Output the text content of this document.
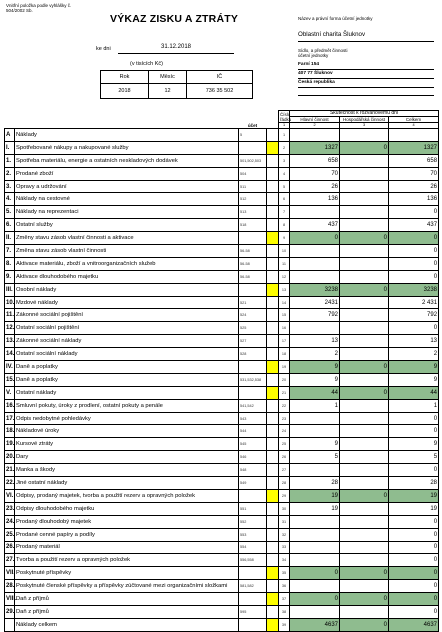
Vnitřní položka podle vyhlášky č.
504/2002 Sb.
VÝKAZ ZISKU A ZTRÁTY
ke dni	31.12.2018
(v tisících Kč)
Rok	Měsíc	IČ
2018	12	736 35 502
Název a právní forma účetní jednotky
Oblastní charita Šluknov
Sídlo, a předmět činnosti
účetní jednotky
Farní 154
407 77 Šluknov
Česká republika
		účet		Číslo řádku	Skutečnost k rozvahovému dni		
					Hlavní činnost	Hospodářská činnost	Celkem
				1	2	3	4
A	Náklady	5		1			
I.	Spotřebované nákupy a nakupované služby			2	1327	0	1327
1.	Spotřeba materiálu, energie a ostatních neskladových dodávek	501,502,503		3	658		658
2.	Prodané zboží	504		4	70		70
3.	Opravy a udržování	511		5	26		26
4.	Náklady na cestovné	512		6	136		136
5.	Náklady na reprezentaci	513		7			0
6.	Ostatní služby	518		8	437		437
II.	Změny stavu zásob vlastní činnosti a aktivace			9	0	0	0
7.	Změna stavu zásob vlastní činnosti	56-58		10			0
8.	Aktivace materiálu, zboží a vnitroorganizačních služeb	56-58		11			0
9.	Aktivace dlouhodobého majetku	56-58		12			0
III.	Osobní náklady			13	3238	0	3238
10.	Mzdové náklady	521		14	2431		2 431
11.	Zákonné sociální pojištění	524		15	792		792
12.	Ostatní sociální pojištění	525		16			0
13.	Zákonné sociální náklady	527		17	13		13
14.	Ostatní sociální náklady	528		18	2		2
IV.	Daně a poplatky			19	9	0	9
15.	Daně a poplatky	531,532,538		20	9		9
V.	Ostatní náklady			21	44	0	44
16.	Smluvní pokuty, úroky z prodlení, ostatní pokuty a penále	541,542		22	1		1
17.	Odpis nedobytné pohledávky	543		23			0
18.	Nákladové úroky	544		24			0
19.	Kursové ztráty	545		25	9		9
20.	Dary	546		26	5		5
21.	Manka a škody	548		27			0
22.	Jiné ostatní náklady	549		28	28		28
VI.	Odpisy, prodaný majetek, tvorba a použití rezerv a opravných položek			29	19	0	19
23.	Odpisy dlouhodobého majetku	551		30	19		19
24.	Prodaný dlouhodobý majetek	552		31			0
25.	Prodané cenné papíry a podíly	553		32			0
26.	Prodaný materiál	554		33			0
27.	Tvorba a použití rezerv a opravných položek	556,558		34			0
VII.	Poskytnuté příspěvky			35	0	0	0
28.	Poskytnuté členské příspěvky a příspěvky zúčtované mezi organizačními složkami	581,582		36			0
VIII.	Daň z příjmů			37	0	0	0
29.	Daň z příjmů	595		38			0
	Náklady celkem			39	4637	0	4637
